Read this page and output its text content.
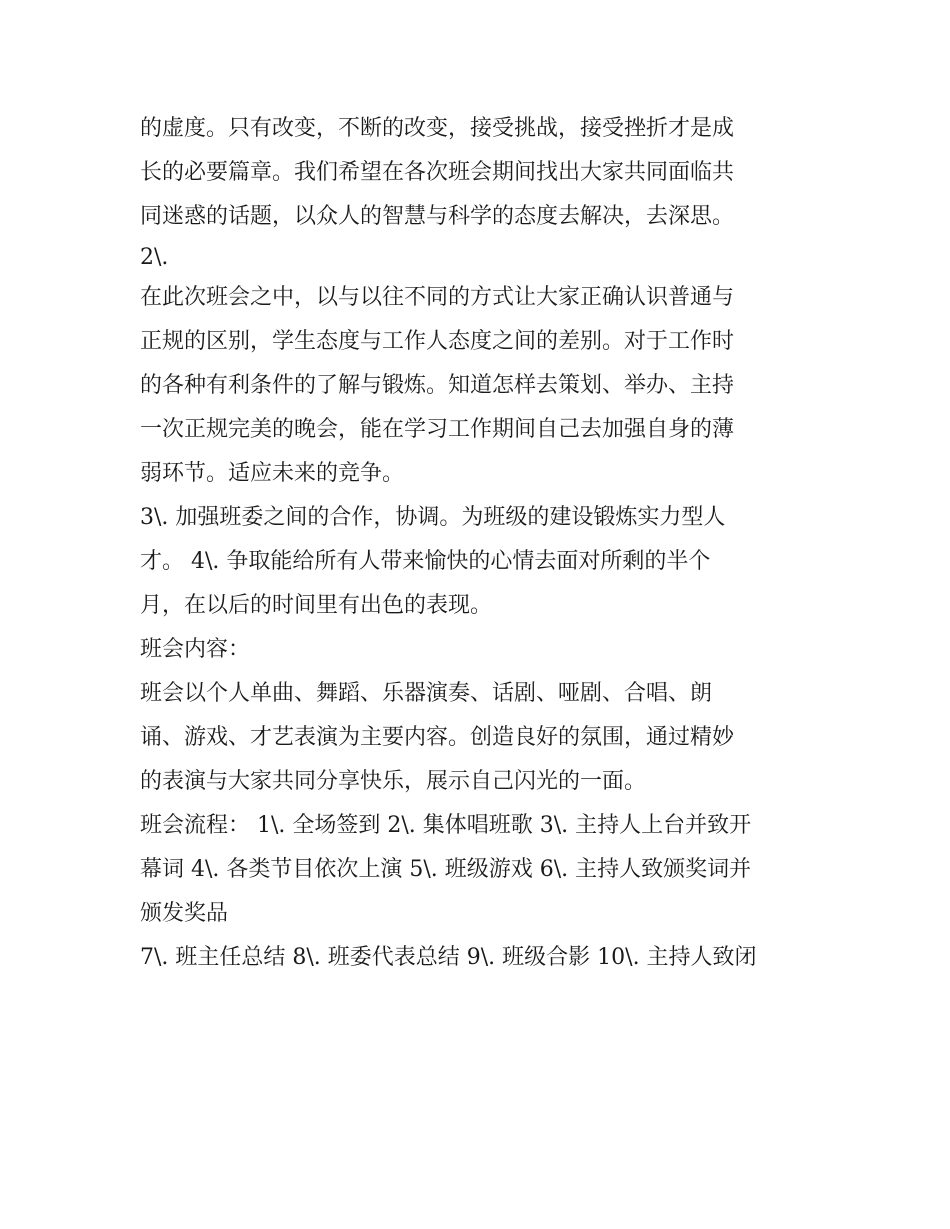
的虚度。只有改变，不断的改变，接受挑战，接受挫折才是成

长的必要篇章。我们希望在各次班会期间找出大家共同面临共

同迷惑的话题，以众人的智慧与科学的态度去解决，去深思。

2\.

在此次班会之中，以与以往不同的方式让大家正确认识普通与

正规的区别，学生态度与工作人态度之间的差别。对于工作时

的各种有利条件的了解与锻炼。知道怎样去策划、举办、主持

一次正规完美的晚会，能在学习工作期间自己去加强自身的薄

弱环节。适应未来的竞争。

3\. 加强班委之间的合作，协调。为班级的建设锻炼实力型人

才。 4\. 争取能给所有人带来愉快的心情去面对所剩的半个

月，在以后的时间里有出色的表现。

班会内容：

班会以个人单曲、舞蹈、乐器演奏、话剧、哑剧、合唱、朗

诵、游戏、才艺表演为主要内容。创造良好的氛围，通过精妙

的表演与大家共同分享快乐，展示自己闪光的一面。

班会流程： 1\. 全场签到 2\. 集体唱班歌 3\. 主持人上台并致开

幕词 4\. 各类节目依次上演 5\. 班级游戏 6\. 主持人致颁奖词并

颁发奖品

7\. 班主任总结 8\. 班委代表总结 9\. 班级合影 10\. 主持人致闭
